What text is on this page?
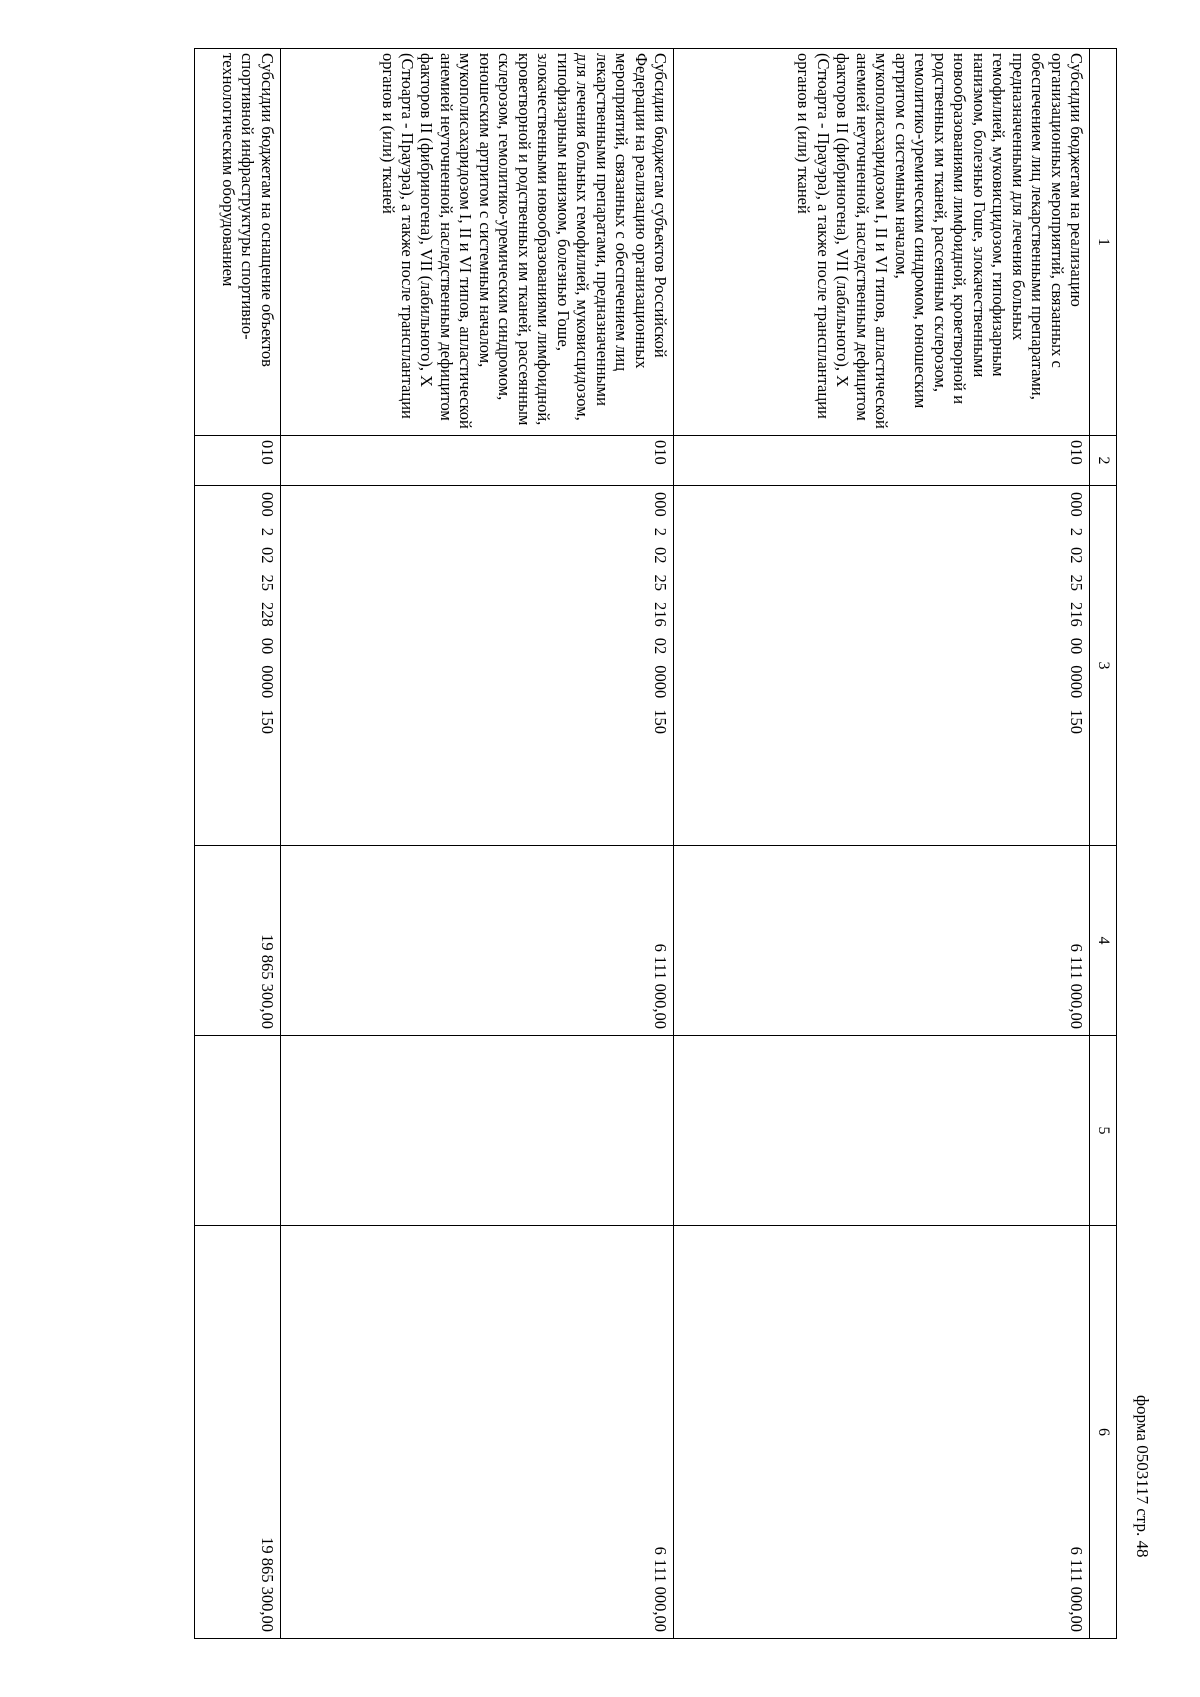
форма 0503117 стр. 48
1	2	3	4	5	6
Субсидии бюджетам на реализацию организационных мероприятий, связанных с обеспечением лиц лекарственными препаратами, предназначенными для лечения больных гемофилией, муковисцидозом, гипофизарным нанизмом, болезнью Гоше, злокачественными новообразованиями лимфоидной, кроветворной и родственных им тканей, рассеянным склерозом, гемолитико-уремическим синдромом, юношеским артритом с системным началом, мукополисахаридозом I, II и VI типов, апластической анемией неуточненной, наследственным дефицитом факторов II (фибриногена), VII (лабильного), X (Стюарта - Прауэра), а также после трансплантации органов и (или) тканей	010	00020225216000000150	6 111 000,00		6 111 000,00
Субсидии бюджетам субъектов Российской Федерации на реализацию организационных мероприятий, связанных с обеспечением лиц лекарственными препаратами, предназначенными для лечения больных гемофилией, муковисцидозом, гипофизарным нанизмом, болезнью Гоше, злокачественными новообразованиями лимфоидной, кроветворной и родственных им тканей, рассеянным склерозом, гемолитико-уремическим синдромом, юношеским артритом с системным началом, мукополисахаридозом I, II и VI типов, апластической анемией неуточненной, наследственным дефицитом факторов II (фибриногена), VII (лабильного), X (Стюарта - Прауэра), а также после трансплантации органов и (или) тканей	010	00020225216020000150	6 111 000,00		6 111 000,00
Субсидии бюджетам на оснащение объектов спортивной инфраструктуры спортивно-технологическим оборудованием	010	00020225228000000150	19 865 300,00		19 865 300,00
